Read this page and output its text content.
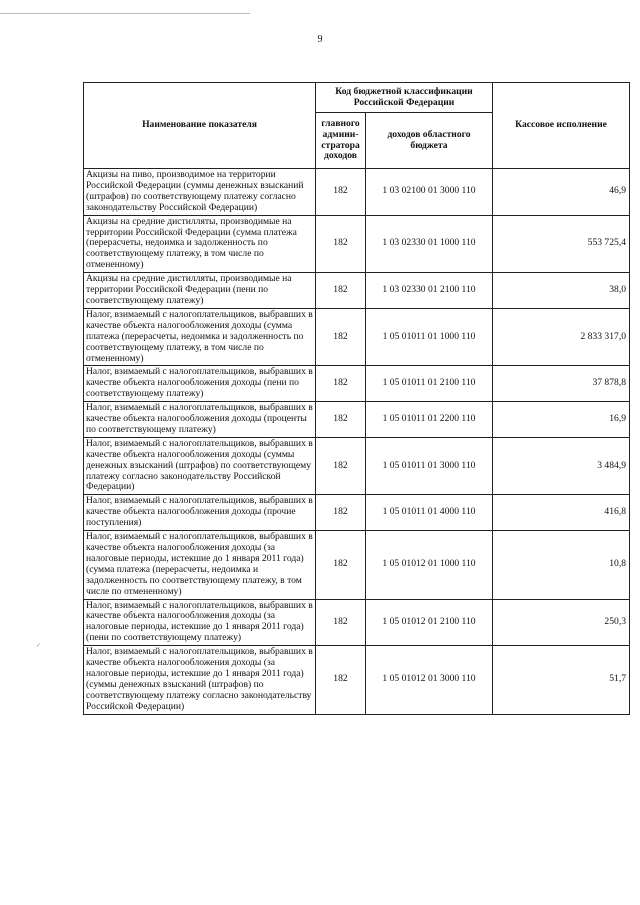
9
Наименование показателя	Код бюджетной классификации Российской Федерации		Кассовое исполнение
	главного админи- стратора доходов	доходов областного бюджета	
Акцизы на пиво, производимое на территории Российской Федерации (суммы денежных взысканий (штрафов) по соответствующему платежу согласно законодательству Российской Федерации)	182	1 03 02100 01 3000 110	46,9
Акцизы на средние дистилляты, производимые на территории Российской Федерации (сумма платежа (перерасчеты, недоимка и задолженность по соответствующему платежу, в том числе по отмененному)	182	1 03 02330 01 1000 110	553 725,4
Акцизы на средние дистилляты, производимые на территории Российской Федерации (пени по соответствующему платежу)	182	1 03 02330 01 2100 110	38,0
Налог, взимаемый с налогоплательщиков, выбравших в качестве объекта налогообложения доходы (сумма платежа (перерасчеты, недоимка и задолженность по соответствующему платежу, в том числе по отмененному)	182	1 05 01011 01 1000 110	2 833 317,0
Налог, взимаемый с налогоплательщиков, выбравших в качестве объекта налогообложения доходы (пени по соответствующему платежу)	182	1 05 01011 01 2100 110	37 878,8
Налог, взимаемый с налогоплательщиков, выбравших в качестве объекта налогообложения доходы (проценты по соответствующему платежу)	182	1 05 01011 01 2200 110	16,9
Налог, взимаемый с налогоплательщиков, выбравших в качестве объекта налогообложения доходы (суммы денежных взысканий (штрафов) по соответствующему платежу согласно законодательству Российской Федерации)	182	1 05 01011 01 3000 110	3 484,9
Налог, взимаемый с налогоплательщиков, выбравших в качестве объекта налогообложения доходы (прочие поступления)	182	1 05 01011 01 4000 110	416,8
Налог, взимаемый с налогоплательщиков, выбравших в качестве объекта налогообложения доходы (за налоговые периоды, истекшие до 1 января 2011 года) (сумма платежа (перерасчеты, недоимка и задолженность по соответствующему платежу, в том числе по отмененному)	182	1 05 01012 01 1000 110	10,8
Налог, взимаемый с налогоплательщиков, выбравших в качестве объекта налогообложения доходы (за налоговые периоды, истекшие до 1 января 2011 года) (пени по соответствующему платежу)	182	1 05 01012 01 2100 110	250,3
Налог, взимаемый с налогоплательщиков, выбравших в качестве объекта налогообложения доходы (за налоговые периоды, истекшие до 1 января 2011 года) (суммы денежных взысканий (штрафов) по соответствующему платежу согласно законодательству Российской Федерации)	182	1 05 01012 01 3000 110	51,7
⸝
